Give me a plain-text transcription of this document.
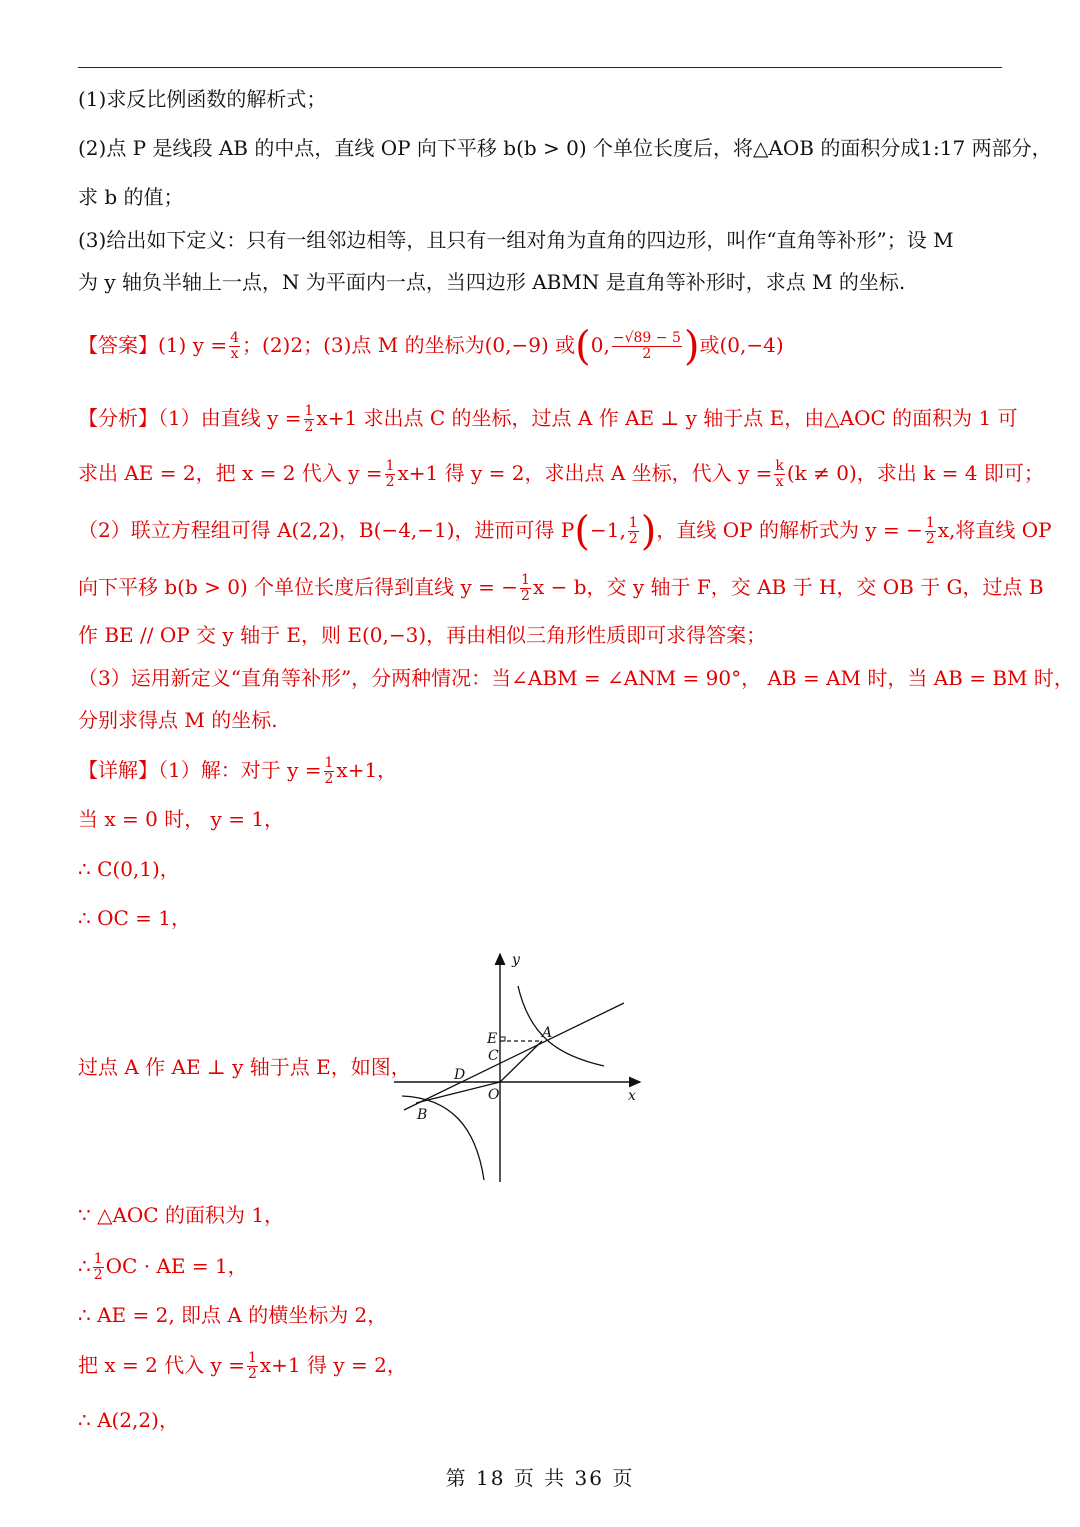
(1)求反比例函数的解析式；
(2)点 P 是线段 AB 的中点，直线 OP 向下平移 b(b > 0) 个单位长度后，将△AOB 的面积分成1:17 两部分，
求 b 的值；
(3)给出如下定义：只有一组邻边相等，且只有一组对角为直角的四边形，叫作“直角等补形”；设 M
为 y 轴负半轴上一点，N 为平面内一点，当四边形 ABMN 是直角等补形时，求点 M 的坐标.
【答案】(1) $y = \frac{4}{x}$ ；(2)2；(3)点 M 的坐标为(0,−9) 或(0, $\frac{-√89 - 5}{2}$ )或(0,−4)
【分析】（1）由直线 $y = \frac{1}{2} x+1$ 求出点 C 的坐标，过点 A 作 AE ⊥ y 轴于点 E，由△AOC 的面积为 1 可
求出 AE = 2，把 x = 2 代入 $y = \frac{1}{2} x+1$ 得 y = 2，求出点 A 坐标，代入 $y = \frac{k}{x} (k \ne 0)$，求出 k = 4 即可；
（2）联立方程组可得 A(2,2)，B(−4,−1)，进而可得 P(−1, $\frac{1}{2}$ )，直线 OP 的解析式为 y = − $\frac{1}{2} x$,将直线 OP
向下平移 b(b > 0) 个单位长度后得到直线 y = − $\frac{1}{2}$ x − b，交 y 轴于 F，交 AB 于 H，交 OB 于 G，过点 B
作 BE // OP 交 y 轴于 E，则 E(0,−3)，再由相似三角形性质即可求得答案；
（3）运用新定义“直角等补形”，分两种情况：当∠ABM = ∠ANM = 90°， AB = AM 时，当 AB = BM 时，
分别求得点 M 的坐标.
【详解】（1）解：对于 $y = \frac{1}{2} x+1$，
当 x = 0 时， y = 1，
∴ C(0,1)，
∴ OC = 1，
过点 A 作 AE ⊥ y 轴于点 E，如图，
y
x
E
C
A
D
O
B
∵ △AOC 的面积为 1，
∴ $\frac{1}{2}$ OC · AE = 1，
∴ AE = 2, 即点 A 的横坐标为 2，
把 x = 2 代入 $y = \frac{1}{2} x+1$ 得 y = 2，
∴ A(2,2)，
第 18 页 共 36 页
